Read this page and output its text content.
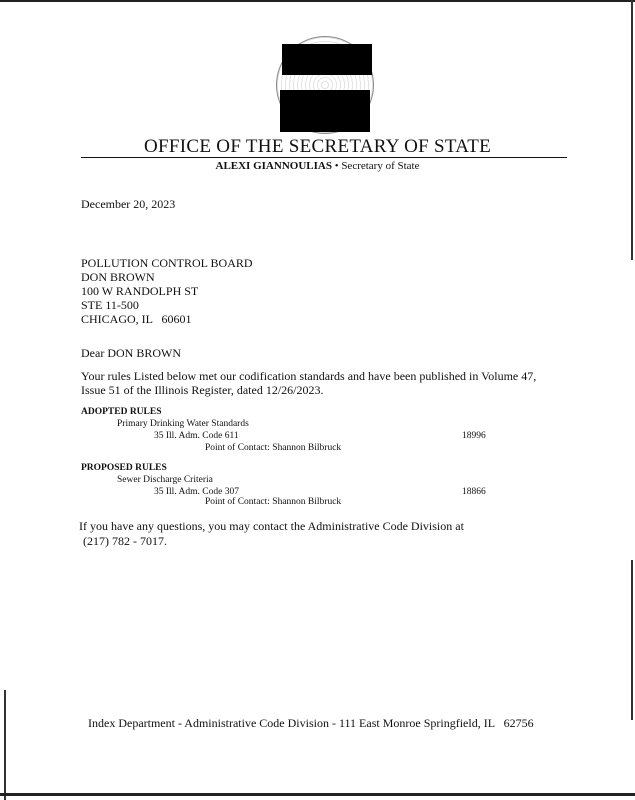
OFFICE OF THE SECRETARY OF STATE
ALEXI GIANNOULIAS • Secretary of State
December 20, 2023
POLLUTION CONTROL BOARD
DON BROWN
100 W RANDOLPH ST
STE 11-500
CHICAGO, IL   60601
Dear DON BROWN
Your rules Listed below met our codification standards and have been published in Volume 47,
Issue 51 of the Illinois Register, dated 12/26/2023.
ADOPTED RULES
Primary Drinking Water Standards
35 Ill. Adm. Code 611	18996
Point of Contact: Shannon Bilbruck
PROPOSED RULES
Sewer Discharge Criteria
35 Ill. Adm. Code 307	18866
Point of Contact: Shannon Bilbruck
If you have any questions, you may contact the Administrative Code Division at
(217) 782 - 7017.
Index Department - Administrative Code Division - 111 East Monroe Springfield, IL   62756
